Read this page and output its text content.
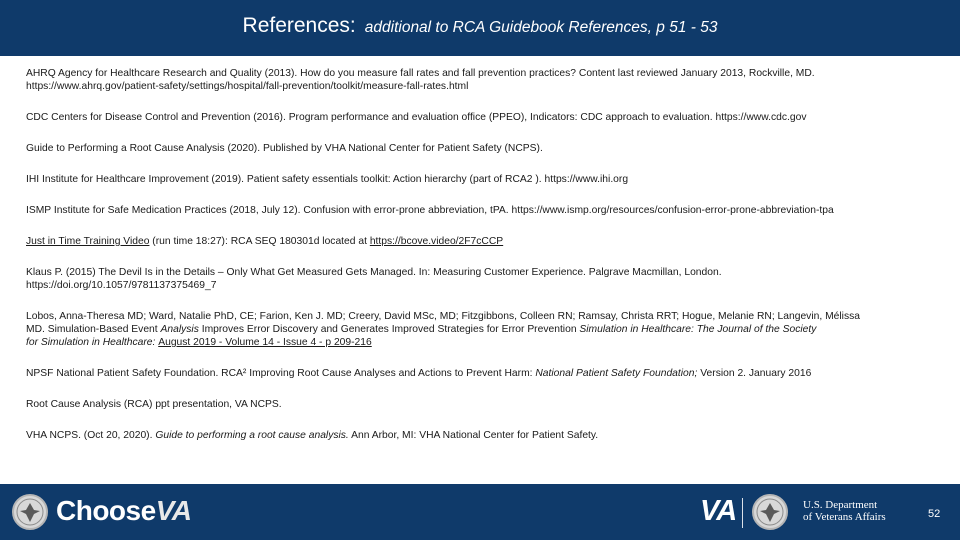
References: additional to RCA Guidebook References, p 51 - 53
AHRQ Agency for Healthcare Research and Quality (2013). How do you measure fall rates and fall prevention practices? Content last reviewed January 2013, Rockville, MD.
https://www.ahrq.gov/patient-safety/settings/hospital/fall-prevention/toolkit/measure-fall-rates.html
CDC Centers for Disease Control and Prevention (2016). Program performance and evaluation office (PPEO), Indicators: CDC approach to evaluation. https://www.cdc.gov
Guide to Performing a Root Cause Analysis (2020). Published by VHA National Center for Patient Safety (NCPS).
IHI Institute for Healthcare Improvement (2019). Patient safety essentials toolkit: Action hierarchy (part of RCA2 ). https://www.ihi.org
ISMP Institute for Safe Medication Practices (2018, July 12). Confusion with error-prone abbreviation, tPA. https://www.ismp.org/resources/confusion-error-prone-abbreviation-tpa
Just in Time Training Video (run time 18:27): RCA SEQ 180301d located at https://bcove.video/2F7cCCP
Klaus P. (2015) The Devil Is in the Details – Only What Get Measured Gets Managed. In: Measuring Customer Experience. Palgrave Macmillan, London.
https://doi.org/10.1057/9781137375469_7
Lobos, Anna-Theresa MD; Ward, Natalie PhD, CE; Farion, Ken J. MD; Creery, David MSc, MD; Fitzgibbons, Colleen RN; Ramsay, Christa RRT; Hogue, Melanie RN; Langevin, Mélissa
MD. Simulation-Based Event Analysis Improves Error Discovery and Generates Improved Strategies for Error Prevention Simulation in Healthcare: The Journal of the Society
for Simulation in Healthcare: August 2019 - Volume 14 - Issue 4 - p 209-216
NPSF National Patient Safety Foundation. RCA² Improving Root Cause Analyses and Actions to Prevent Harm: National Patient Safety Foundation; Version 2. January 2016
Root Cause Analysis (RCA) ppt presentation, VA NCPS.
VHA NCPS. (Oct 20, 2020). Guide to performing a root cause analysis. Ann Arbor, MI: VHA National Center for Patient Safety.
ChooseVA	VA	U.S. Department
of Veterans Affairs	52
